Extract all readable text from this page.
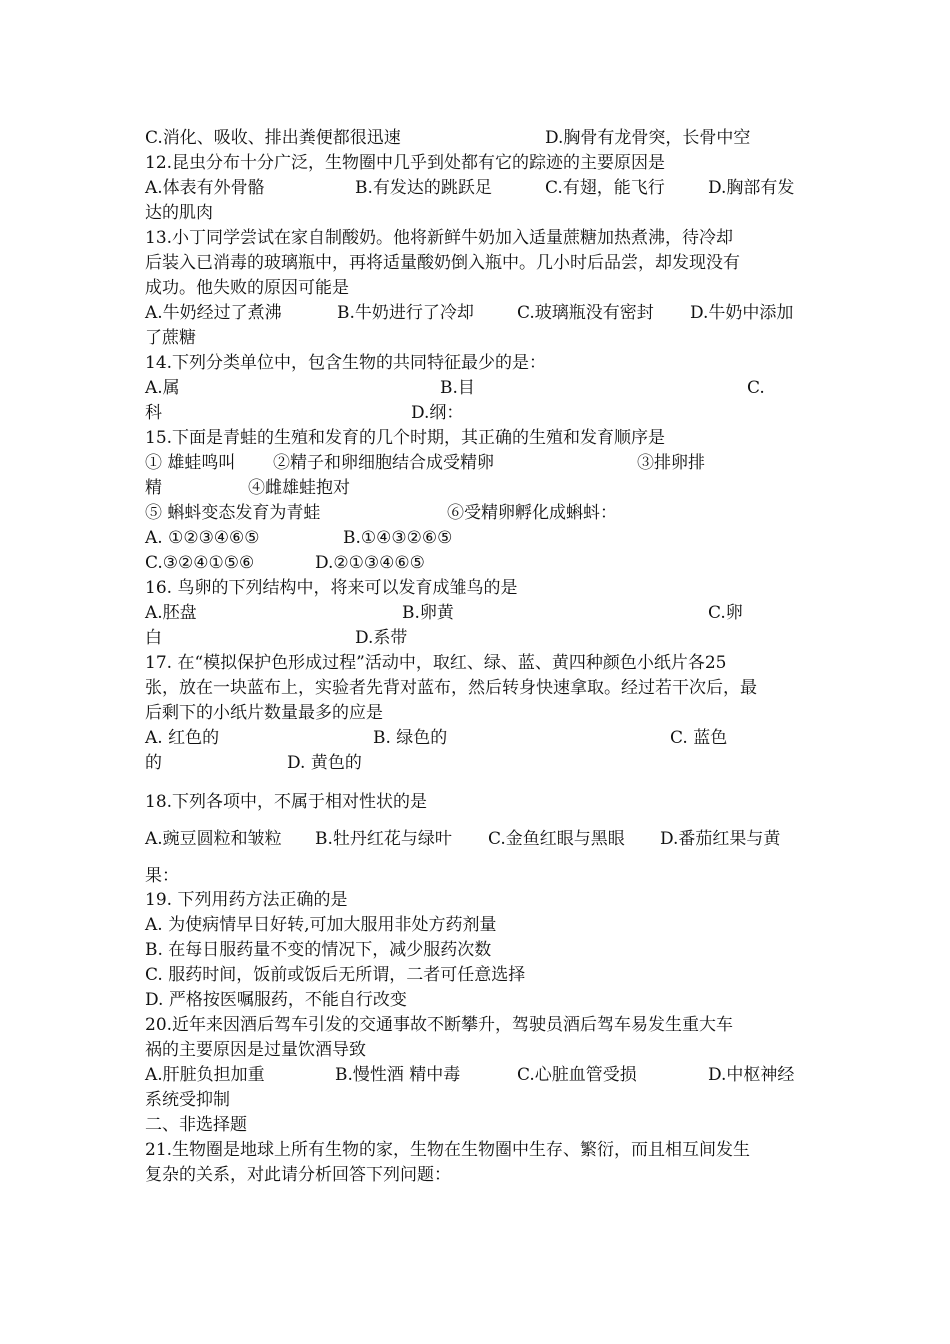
C.消化、吸收、排出粪便都很迅速	D.胸骨有龙骨突，长骨中空
12.昆虫分布十分广泛，生物圈中几乎到处都有它的踪迹的主要原因是
A.体表有外骨骼	B.有发达的跳跃足	C.有翅，能飞行	D.胸部有发
达的肌肉
13.小丁同学尝试在家自制酸奶。他将新鲜牛奶加入适量蔗糖加热煮沸，待冷却
后装入已消毒的玻璃瓶中，再将适量酸奶倒入瓶中。几小时后品尝，却发现没有
成功。他失败的原因可能是
A.牛奶经过了煮沸	B.牛奶进行了冷却	C.玻璃瓶没有密封 D.牛奶中添加
了蔗糖
14.下列分类单位中，包含生物的共同特征最少的是：
A.属	B.目	C.
科	D.纲：
15.下面是青蛙的生殖和发育的几个时期，其正确的生殖和发育顺序是
① 雄蛙鸣叫 ②精子和卵细胞结合成受精卵	③排卵排
精	④雌雄蛙抱对
⑤ 蝌蚪变态发育为青蛙	⑥受精卵孵化成蝌蚪：
A. ①②③④⑥⑤	B.①④③②⑥⑤
C.③②④①⑤⑥	D.②①③④⑥⑤
16. 鸟卵的下列结构中，将来可以发育成雏鸟的是
A.胚盘	B.卵黄	C.卵
白	D.系带
17. 在“模拟保护色形成过程”活动中，取红、绿、蓝、黄四种颜色小纸片各25
张，放在一块蓝布上，实验者先背对蓝布，然后转身快速拿取。经过若干次后，最
后剩下的小纸片数量最多的应是
A. 红色的	B. 绿色的	C. 蓝色
的	D. 黄色的
18.下列各项中，不属于相对性状的是
A.豌豆圆粒和皱粒 B.牡丹红花与绿叶 C.金鱼红眼与黑眼 D.番茄红果与黄
果：
19. 下列用药方法正确的是
A. 为使病情早日好转,可加大服用非处方药剂量
B. 在每日服药量不变的情况下，减少服药次数
C. 服药时间，饭前或饭后无所谓，二者可任意选择
D. 严格按医嘱服药，不能自行改变
20.近年来因酒后驾车引发的交通事故不断攀升，驾驶员酒后驾车易发生重大车
祸的主要原因是过量饮酒导致
A.肝脏负担加重	B.慢性酒 精中毒	C.心脏血管受损	D.中枢神经
系统受抑制
二、非选择题
21.生物圈是地球上所有生物的家，生物在生物圈中生存、繁衍，而且相互间发生
复杂的关系，对此请分析回答下列问题：
